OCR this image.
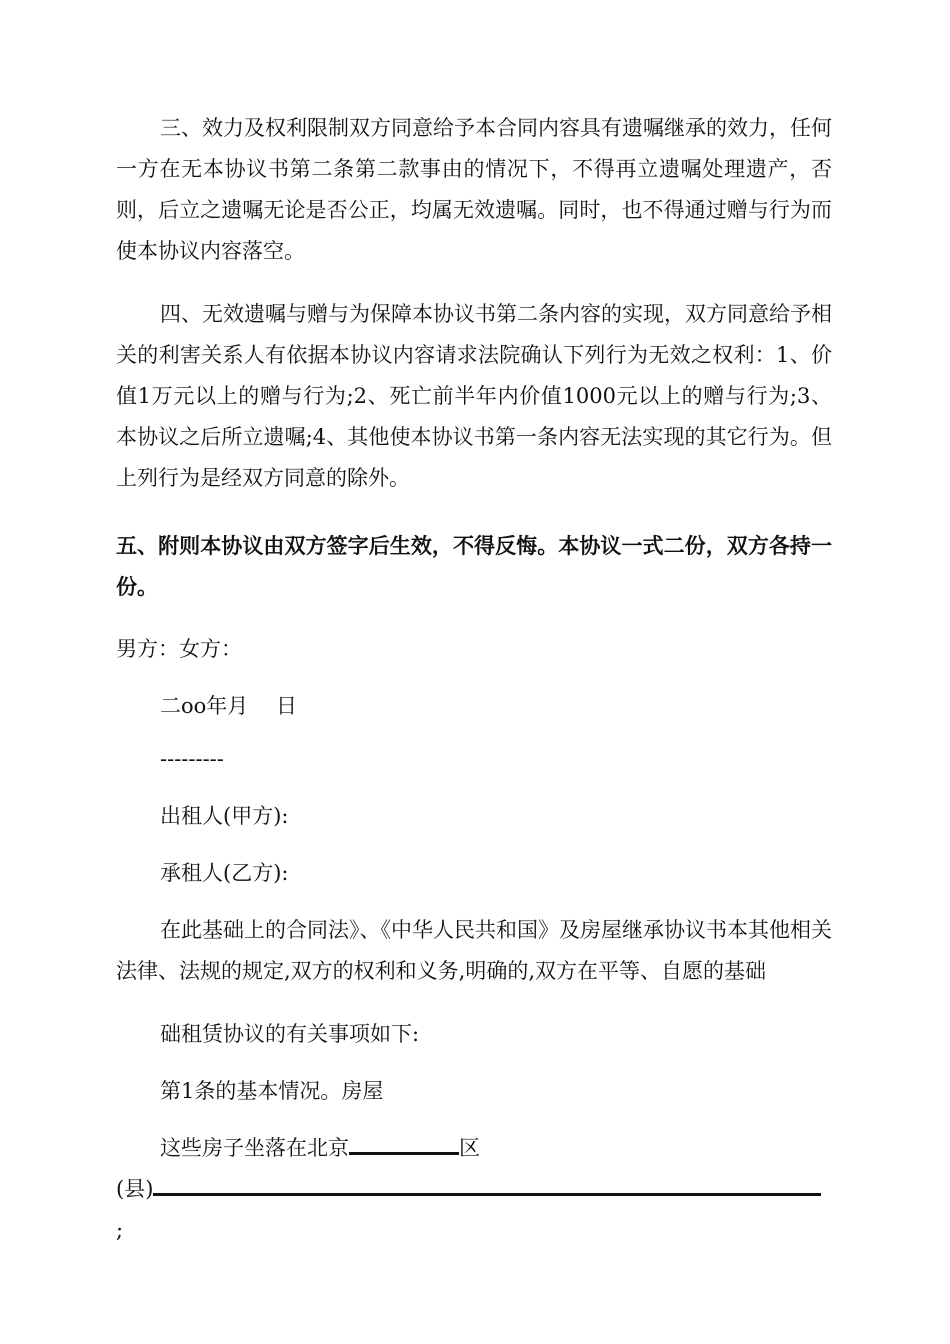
三、效力及权利限制双方同意给予本合同内容具有遗嘱继承的效力，任何一方在无本协议书第二条第二款事由的情况下，不得再立遗嘱处理遗产，否则，后立之遗嘱无论是否公正，均属无效遗嘱。同时，也不得通过赠与行为而使本协议内容落空。

四、无效遗嘱与赠与为保障本协议书第二条内容的实现，双方同意给予相关的利害关系人有依据本协议内容请求法院确认下列行为无效之权利：1、价值1万元以上的赠与行为;2、死亡前半年内价值1000元以上的赠与行为;3、本协议之后所立遗嘱;4、其他使本协议书第一条内容无法实现的其它行为。但上列行为是经双方同意的除外。

五、附则本协议由双方签字后生效，不得反悔。本协议一式二份，双方各持一份。

男方：女方：
二oo年月　 日
---------
出租人(甲方):
承租人(乙方):

在此基础上的合同法》、《中华人民共和国》及房屋继承协议书本其他相关法律、法规的规定,双方的权利和义务,明确的,双方在平等、自愿的基础

础租赁协议的有关事项如下:
第1条的基本情况。房屋
这些房子坐落在北京	区
(县)
;
